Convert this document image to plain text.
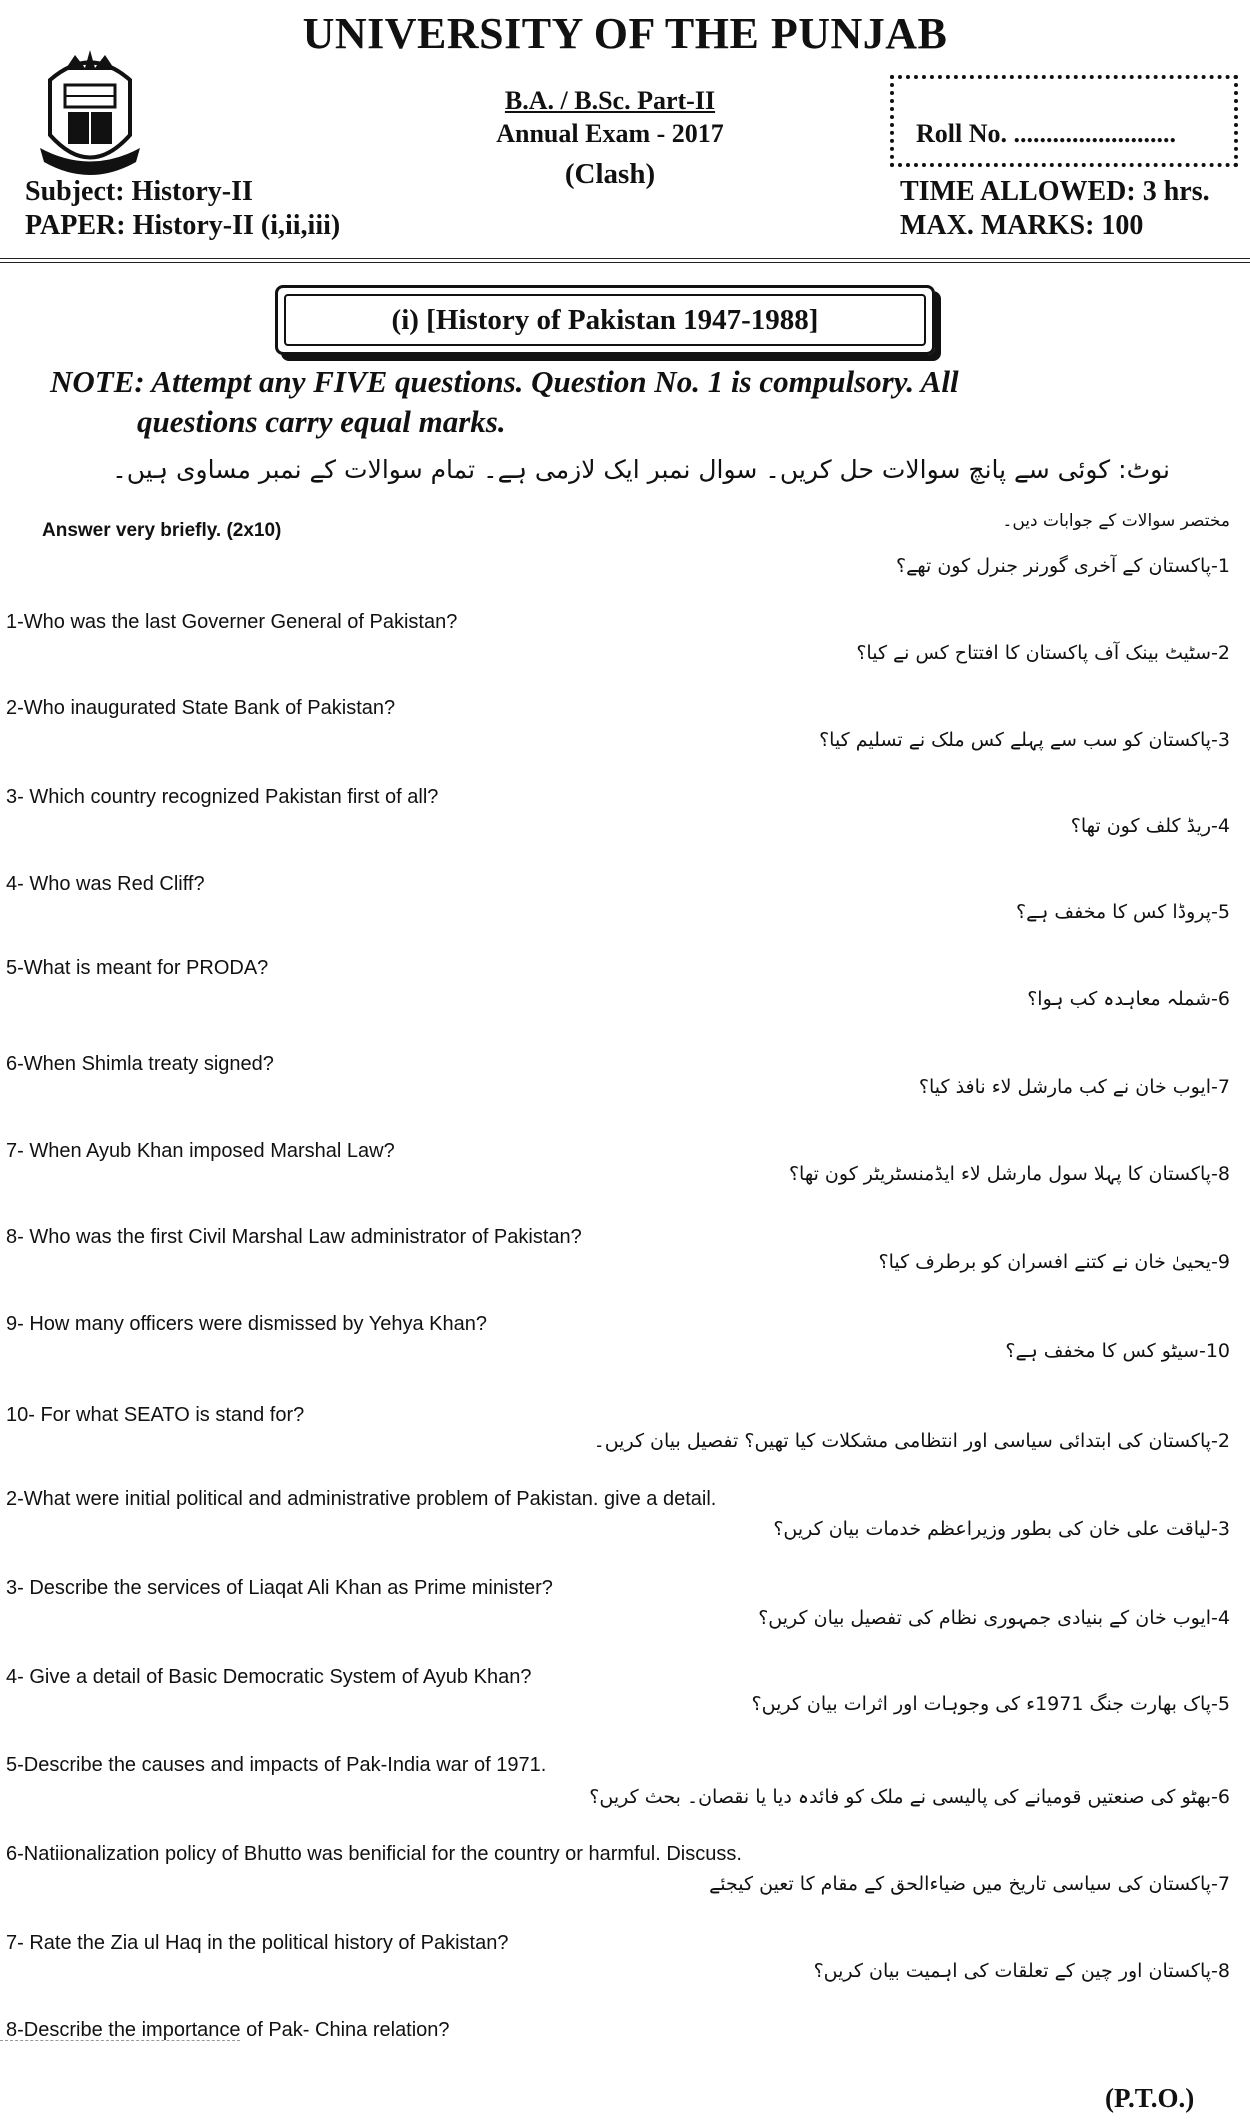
UNIVERSITY OF THE PUNJAB
B.A. / B.Sc. Part-II
Annual Exam - 2017
(Clash)
Roll No. .........................
Subject: History-II
PAPER: History-II (i,ii,iii)
TIME ALLOWED: 3 hrs.
MAX. MARKS: 100
(i) [History of Pakistan 1947-1988]
NOTE: Attempt any FIVE questions. Question No. 1 is compulsory. All
questions carry equal marks.
نوٹ: کوئی سے پانچ سوالات حل کریں۔ سوال نمبر ایک لازمی ہے۔ تمام سوالات کے نمبر مساوی ہیں۔
مختصر سوالات کے جوابات دیں۔
Answer very briefly. (2x10)
1-پاکستان کے آخری گورنر جنرل کون تھے؟
1-Who was the last Governer General of Pakistan?
2-سٹیٹ بینک آف پاکستان کا افتتاح کس نے کیا؟
2-Who inaugurated State Bank of Pakistan?
3-پاکستان کو سب سے پہلے کس ملک نے تسلیم کیا؟
3- Which country recognized Pakistan first of all?
4-ریڈ کلف کون تھا؟
4- Who was Red Cliff?
5-پروڈا کس کا مخفف ہے؟
5-What is meant for PRODA?
6-شملہ معاہدہ کب ہوا؟
6-When Shimla treaty signed?
7-ایوب خان نے کب مارشل لاء نافذ کیا؟
7- When Ayub Khan imposed Marshal Law?
8-پاکستان کا پہلا سول مارشل لاء ایڈمنسٹریٹر کون تھا؟
8- Who was the first Civil Marshal Law administrator of Pakistan?
9-یحییٰ خان نے کتنے افسران کو برطرف کیا؟
9- How many officers were dismissed by Yehya Khan?
10-سیٹو کس کا مخفف ہے؟
10- For what SEATO is stand for?
2-پاکستان کی ابتدائی سیاسی اور انتظامی مشکلات کیا تھیں؟ تفصیل بیان کریں۔
2-What were initial political and administrative problem of Pakistan. give a detail.
3-لیاقت علی خان کی بطور وزیراعظم خدمات بیان کریں؟
3- Describe the services of Liaqat Ali Khan as Prime minister?
4-ایوب خان کے بنیادی جمہوری نظام کی تفصیل بیان کریں؟
4- Give a detail of Basic Democratic System of Ayub Khan?
5-پاک بھارت جنگ 1971ء کی وجوہات اور اثرات بیان کریں؟
5-Describe the causes and impacts of Pak-India war of 1971.
6-بھٹو کی صنعتیں قومیانے کی پالیسی نے ملک کو فائدہ دیا یا نقصان۔ بحث کریں؟
6-Natiionalization policy of Bhutto was benificial for the country or harmful. Discuss.
7-پاکستان کی سیاسی تاریخ میں ضیاءالحق کے مقام کا تعین کیجئے
7- Rate the Zia ul Haq in the political history of Pakistan?
8-پاکستان اور چین کے تعلقات کی اہمیت بیان کریں؟
8-Describe the importance of Pak- China relation?
(P.T.O.)
